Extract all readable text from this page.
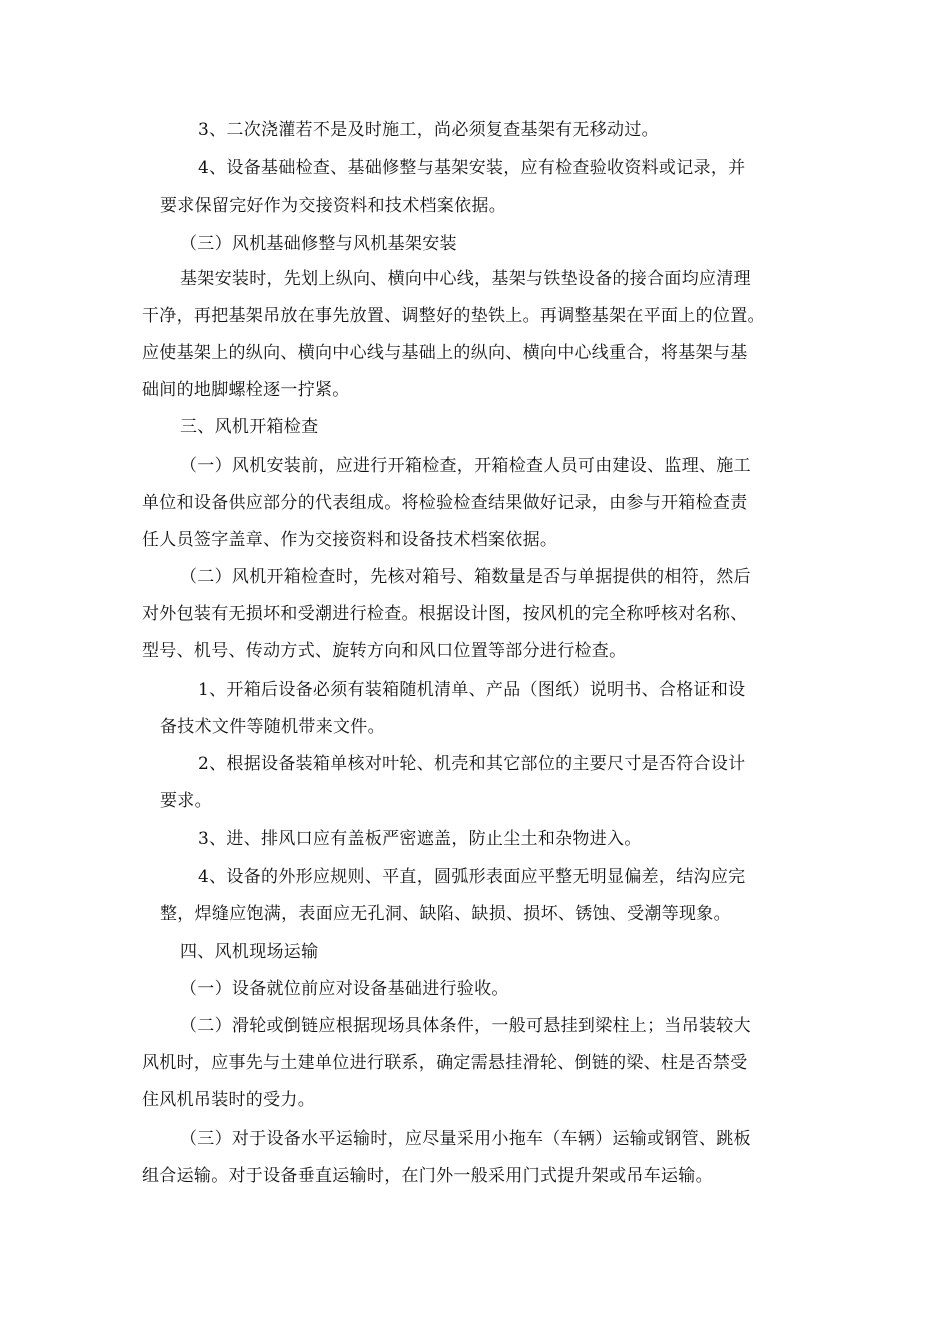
3、二次浇灌若不是及时施工，尚必须复查基架有无移动过。
4、设备基础检查、基础修整与基架安装，应有检查验收资料或记录，并
要求保留完好作为交接资料和技术档案依据。
（三）风机基础修整与风机基架安装
基架安装时，先划上纵向、横向中心线，基架与铁垫设备的接合面均应清理
干净，再把基架吊放在事先放置、调整好的垫铁上。再调整基架在平面上的位置。
应使基架上的纵向、横向中心线与基础上的纵向、横向中心线重合，将基架与基
础间的地脚螺栓逐一拧紧。
三、风机开箱检查
（一）风机安装前，应进行开箱检查，开箱检查人员可由建设、监理、施工
单位和设备供应部分的代表组成。将检验检查结果做好记录，由参与开箱检查责
任人员签字盖章、作为交接资料和设备技术档案依据。
（二）风机开箱检查时，先核对箱号、箱数量是否与单据提供的相符，然后
对外包装有无损坏和受潮进行检查。根据设计图，按风机的完全称呼核对名称、
型号、机号、传动方式、旋转方向和风口位置等部分进行检查。
1、开箱后设备必须有装箱随机清单、产品（图纸）说明书、合格证和设
备技术文件等随机带来文件。
2、根据设备装箱单核对叶轮、机壳和其它部位的主要尺寸是否符合设计
要求。
3、进、排风口应有盖板严密遮盖，防止尘土和杂物进入。
4、设备的外形应规则、平直，圆弧形表面应平整无明显偏差，结沟应完
整，焊缝应饱满，表面应无孔洞、缺陷、缺损、损坏、锈蚀、受潮等现象。
四、风机现场运输
（一）设备就位前应对设备基础进行验收。
（二）滑轮或倒链应根据现场具体条件，一般可悬挂到梁柱上；当吊装较大
风机时，应事先与土建单位进行联系，确定需悬挂滑轮、倒链的梁、柱是否禁受
住风机吊装时的受力。
（三）对于设备水平运输时，应尽量采用小拖车（车辆）运输或钢管、跳板
组合运输。对于设备垂直运输时，在门外一般采用门式提升架或吊车运输。
